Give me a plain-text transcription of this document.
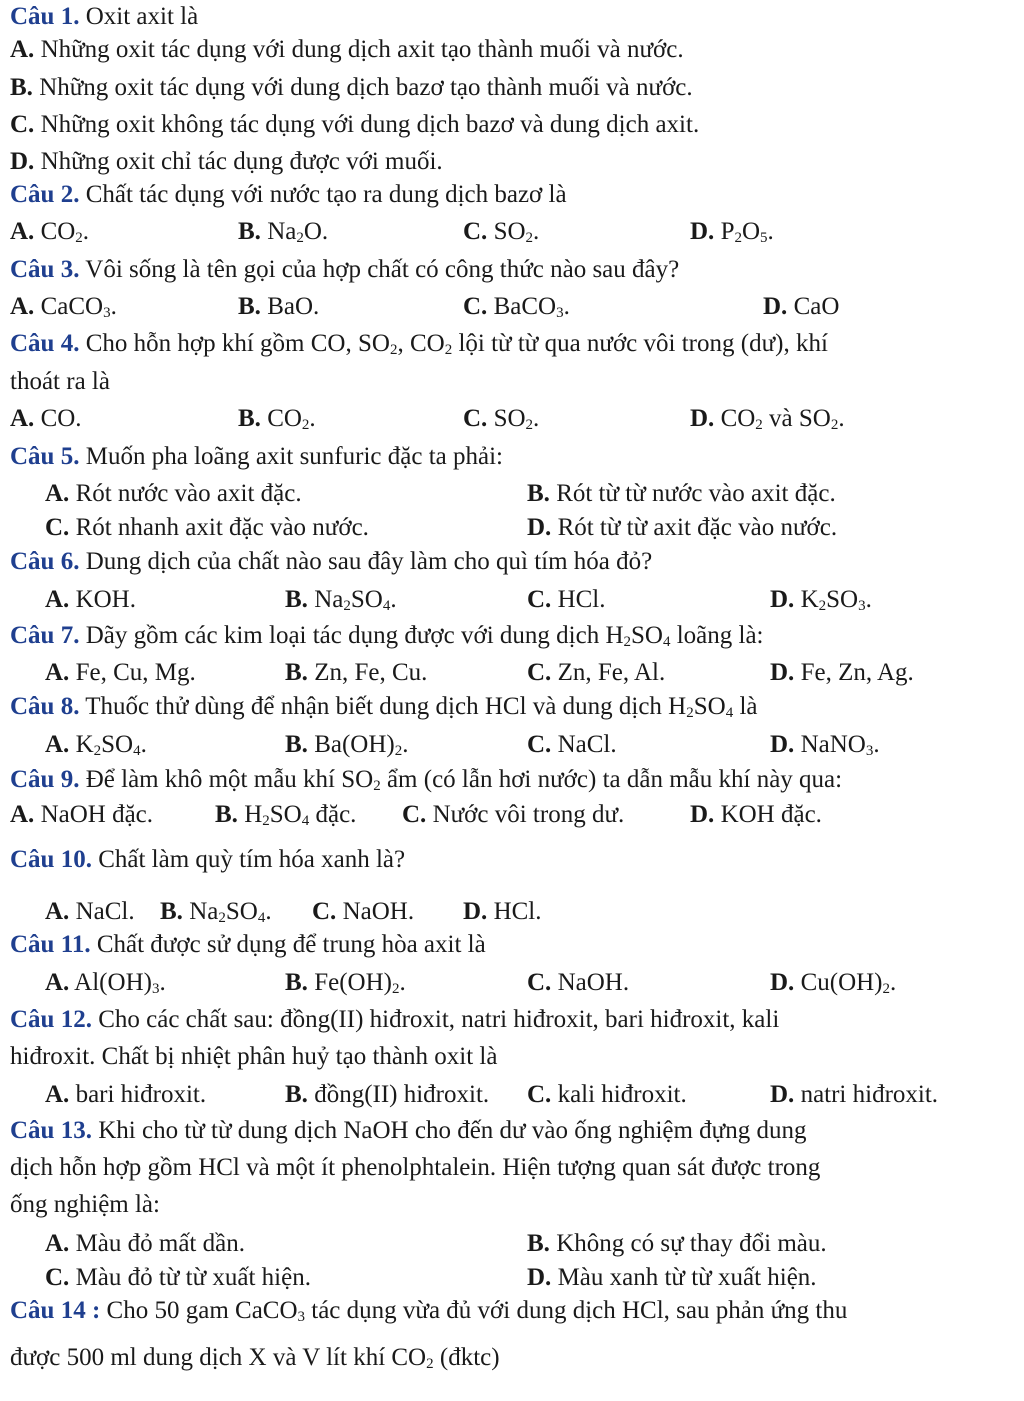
Câu 1. Oxit axit là
A. Những oxit tác dụng với dung dịch axit tạo thành muối và nước.
B. Những oxit tác dụng với dung dịch bazơ tạo thành muối và nước.
C. Những oxit không tác dụng với dung dịch bazơ và dung dịch axit.
D. Những oxit chỉ tác dụng được với muối.
Câu 2. Chất tác dụng với nước tạo ra dung dịch bazơ là
A. $CO_2$.	B. $Na_2O$.	C. $SO_2$.	D. $P_2O_5$.
Câu 3. Vôi sống là tên gọi của hợp chất có công thức nào sau đây?
A. CaCO$_3$.	B. BaO.	C. BaCO$_3$.	D. CaO
Câu 4. Cho hỗn hợp khí gồm CO, $SO_2$, $CO_2$ lội từ từ qua nước vôi trong (dư), khí
thoát ra là
A. CO.	B. $CO_2$.	C. $SO_2$.	D. $CO_2$ và $SO_2$.
Câu 5. Muốn pha loãng axit sunfuric đặc ta phải:
A. Rót nước vào axit đặc.	B. Rót từ từ nước vào axit đặc.
C. Rót nhanh axit đặc vào nước.	D. Rót từ từ axit đặc vào nước.
Câu 6. Dung dịch của chất nào sau đây làm cho quì tím hóa đỏ?
A. KOH.	B. $Na_2SO_4$.	C. HCl.	D. $K_2SO_3$.
Câu 7. Dãy gồm các kim loại tác dụng được với dung dịch $H_2SO_4$ loãng là:
A. Fe, Cu, Mg.	B. Zn, Fe, Cu.	C. Zn, Fe, Al.	D. Fe, Zn, Ag.
Câu 8. Thuốc thử dùng để nhận biết dung dịch HCl và dung dịch $H_2SO_4$ là
A. $K_2SO_4$.	B. $Ba(OH)_2$.	C. NaCl.	D. NaNO$_3$.
Câu 9. Để làm khô một mẫu khí $SO_2$ ẩm (có lẫn hơi nước) ta dẫn mẫu khí này qua:
A. NaOH đặc. B. $H_2SO_4$ đặc. C. Nước vôi trong dư.	D. KOH đặc.
Câu 10. Chất làm quỳ tím hóa xanh là?
A. NaCl. B. $Na_2SO_4$. C. NaOH. D. HCl.
Câu 11. Chất được sử dụng để trung hòa axit là
A. $Al(OH)_3$.	B. $Fe(OH)_2$.	C. NaOH.	D. $Cu(OH)_2$.
Câu 12. Cho các chất sau: đồng(II) hiđroxit, natri hiđroxit, bari hiđroxit, kali
hiđroxit. Chất bị nhiệt phân huỷ tạo thành oxit là
A. bari hiđroxit.	B. đồng(II) hiđroxit. C. kali hiđroxit.	D. natri hiđroxit.
Câu 13. Khi cho từ từ dung dịch NaOH cho đến dư vào ống nghiệm đựng dung
dịch hỗn hợp gồm HCl và một ít phenolphtalein. Hiện tượng quan sát được trong
ống nghiệm là:
A. Màu đỏ mất dần.	B. Không có sự thay đổi màu.
C. Màu đỏ từ từ xuất hiện.	D. Màu xanh từ từ xuất hiện.
Câu 14 : Cho 50 gam CaCO$_3$ tác dụng vừa đủ với dung dịch HCl, sau phản ứng thu
được 500 ml dung dịch X và V lít khí $CO_2$ (đktc)
